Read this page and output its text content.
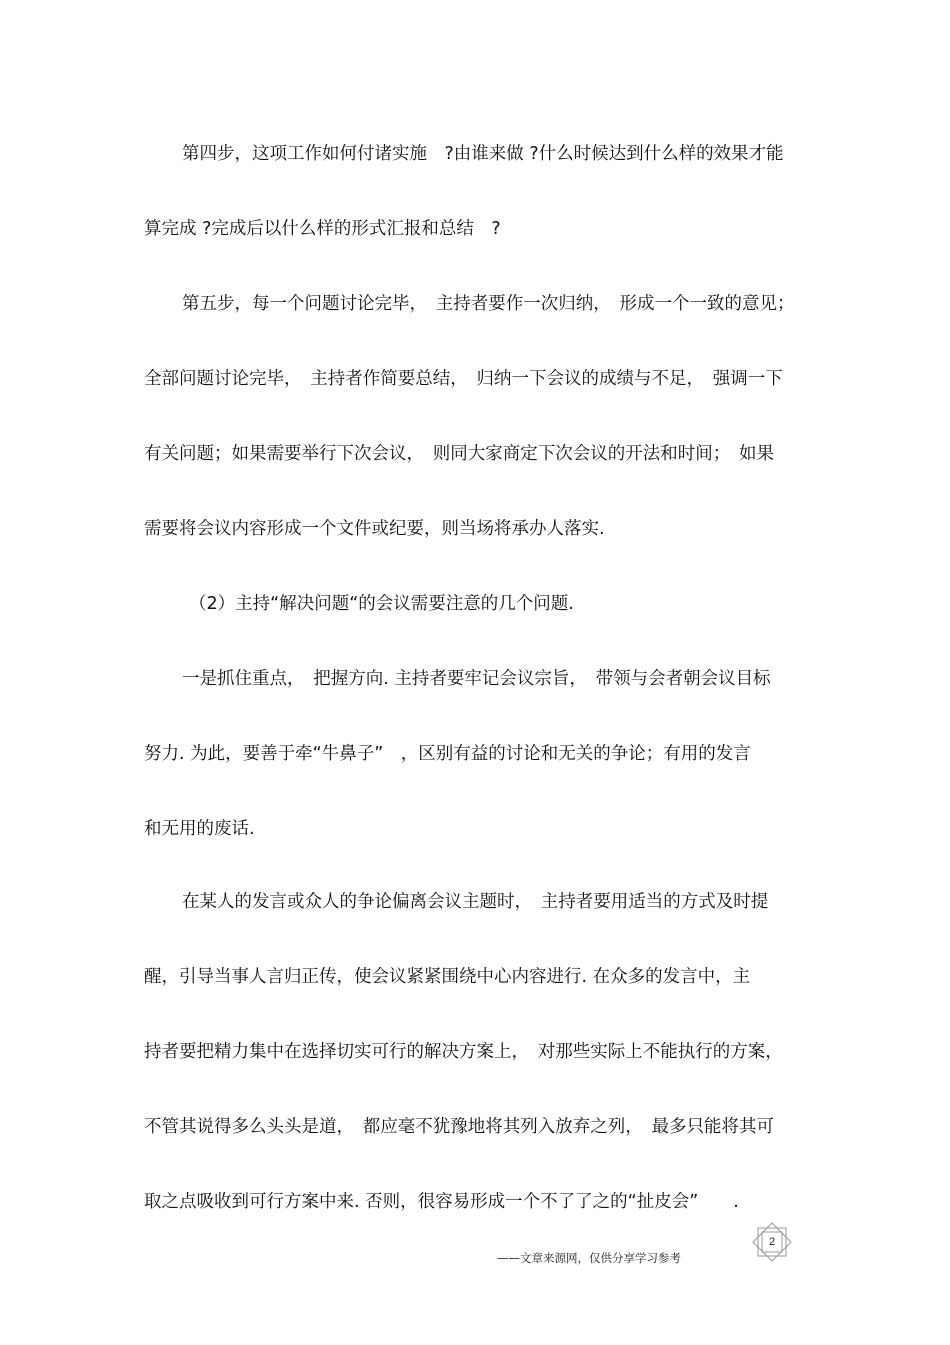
第四步，这项工作如何付诸实施　?由谁来做 ?什么时候达到什么样的效果才能
算完成 ?完成后以什么样的形式汇报和总结　?
第五步，每一个问题讨论完毕，　主持者要作一次归纳，　形成一个一致的意见；
全部问题讨论完毕，　主持者作简要总结，　归纳一下会议的成绩与不足，　强调一下
有关问题；如果需要举行下次会议，　则同大家商定下次会议的开法和时间；　如果
需要将会议内容形成一个文件或纪要，则当场将承办人落实.
（2）主持“解决问题“的会议需要注意的几个问题.
一是抓住重点，　把握方向. 主持者要牢记会议宗旨，　带领与会者朝会议目标
努力. 为此，要善于牵“牛鼻子”　，区别有益的讨论和无关的争论；有用的发言
和无用的废话.
在某人的发言或众人的争论偏离会议主题时，　主持者要用适当的方式及时提
醒，引导当事人言归正传，使会议紧紧围绕中心内容进行. 在众多的发言中，主
持者要把精力集中在选择切实可行的解决方案上，　对那些实际上不能执行的方案，
不管其说得多么头头是道，　都应毫不犹豫地将其列入放弃之列，　最多只能将其可
取之点吸收到可行方案中来. 否则，很容易形成一个不了了之的“扯皮会”　　.
2
——文章来源网，仅供分享学习参考
